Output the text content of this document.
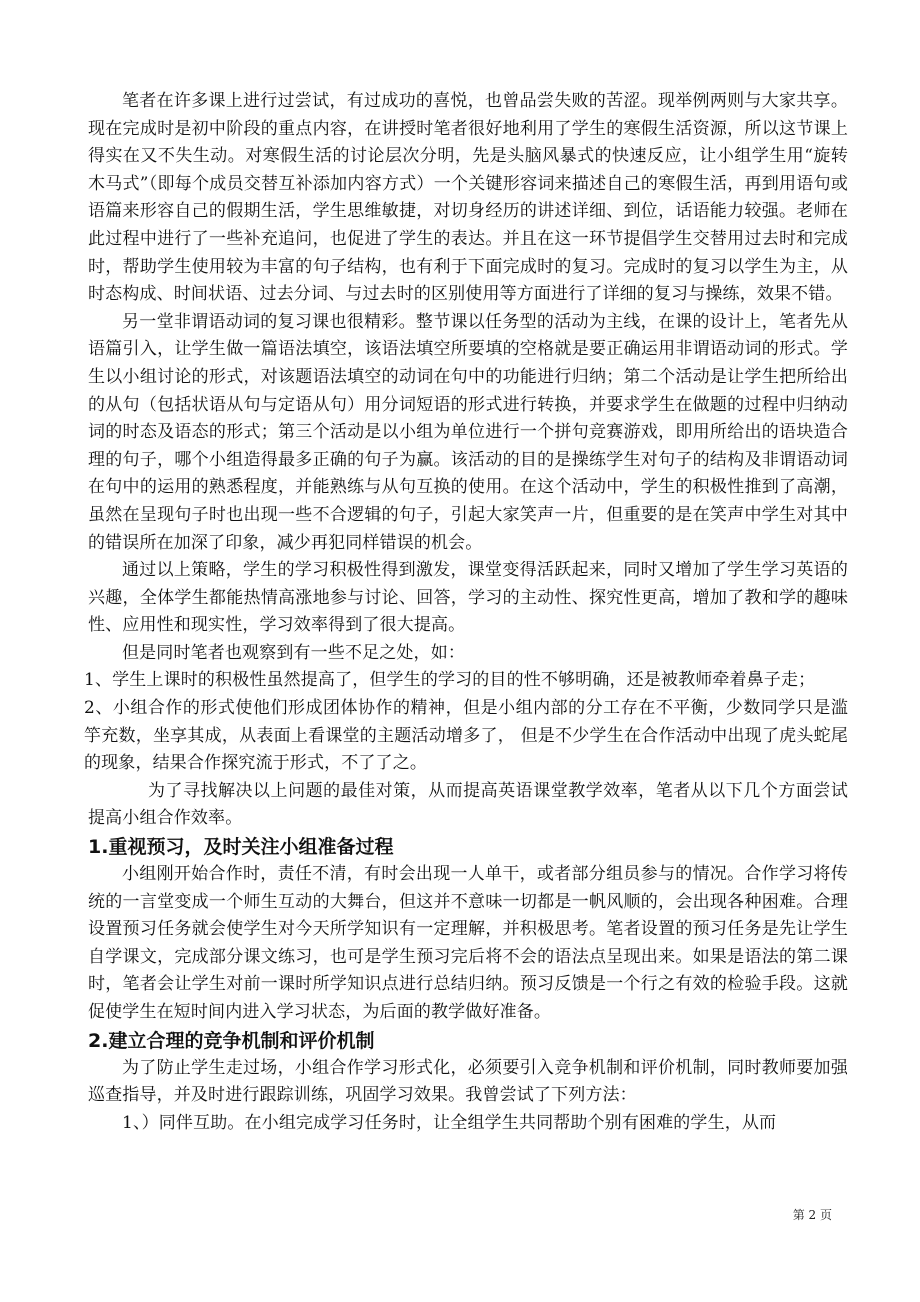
笔者在许多课上进行过尝试，有过成功的喜悦，也曾品尝失败的苦涩。现举例两则与大家共享。现在完成时是初中阶段的重点内容，在讲授时笔者很好地利用了学生的寒假生活资源，所以这节课上得实在又不失生动。对寒假生活的讨论层次分明，先是头脑风暴式的快速反应，让小组学生用“旋转木马式”（即每个成员交替互补添加内容方式）一个关键形容词来描述自己的寒假生活，再到用语句或语篇来形容自己的假期生活，学生思维敏捷，对切身经历的讲述详细、到位，话语能力较强。老师在此过程中进行了一些补充追问，也促进了学生的表达。并且在这一环节提倡学生交替用过去时和完成时，帮助学生使用较为丰富的句子结构，也有利于下面完成时的复习。完成时的复习以学生为主，从时态构成、时间状语、过去分词、与过去时的区别使用等方面进行了详细的复习与操练，效果不错。

另一堂非谓语动词的复习课也很精彩。整节课以任务型的活动为主线，在课的设计上，笔者先从语篇引入，让学生做一篇语法填空，该语法填空所要填的空格就是要正确运用非谓语动词的形式。学生以小组讨论的形式，对该题语法填空的动词在句中的功能进行归纳；第二个活动是让学生把所给出的从句（包括状语从句与定语从句）用分词短语的形式进行转换，并要求学生在做题的过程中归纳动词的时态及语态的形式；第三个活动是以小组为单位进行一个拼句竞赛游戏，即用所给出的语块造合理的句子，哪个小组造得最多正确的句子为赢。该活动的目的是操练学生对句子的结构及非谓语动词在句中的运用的熟悉程度，并能熟练与从句互换的使用。在这个活动中，学生的积极性推到了高潮，虽然在呈现句子时也出现一些不合逻辑的句子，引起大家笑声一片，但重要的是在笑声中学生对其中的错误所在加深了印象，减少再犯同样错误的机会。

通过以上策略，学生的学习积极性得到激发，课堂变得活跃起来，同时又增加了学生学习英语的兴趣，全体学生都能热情高涨地参与讨论、回答，学习的主动性、探究性更高，增加了教和学的趣味性、应用性和现实性，学习效率得到了很大提高。

但是同时笔者也观察到有一些不足之处，如：

1、学生上课时的积极性虽然提高了，但学生的学习的目的性不够明确，还是被教师牵着鼻子走；

2、小组合作的形式使他们形成团体协作的精神，但是小组内部的分工存在不平衡，少数同学只是滥竽充数，坐享其成，从表面上看课堂的主题活动增多了， 但是不少学生在合作活动中出现了虎头蛇尾的现象，结果合作探究流于形式，不了了之。

为了寻找解决以上问题的最佳对策，从而提高英语课堂教学效率，笔者从以下几个方面尝试提高小组合作效率。

1.重视预习，及时关注小组准备过程

小组刚开始合作时，责任不清，有时会出现一人单干，或者部分组员参与的情况。合作学习将传统的一言堂变成一个师生互动的大舞台，但这并不意味一切都是一帆风顺的，会出现各种困难。合理设置预习任务就会使学生对今天所学知识有一定理解，并积极思考。笔者设置的预习任务是先让学生自学课文，完成部分课文练习，也可是学生预习完后将不会的语法点呈现出来。如果是语法的第二课时，笔者会让学生对前一课时所学知识点进行总结归纳。预习反馈是一个行之有效的检验手段。这就促使学生在短时间内进入学习状态，为后面的教学做好准备。

2.建立合理的竞争机制和评价机制

为了防止学生走过场，小组合作学习形式化，必须要引入竞争机制和评价机制，同时教师要加强巡查指导，并及时进行跟踪训练，巩固学习效果。我曾尝试了下列方法：

1、）同伴互助。在小组完成学习任务时，让全组学生共同帮助个别有困难的学生，从而

第 2 页
